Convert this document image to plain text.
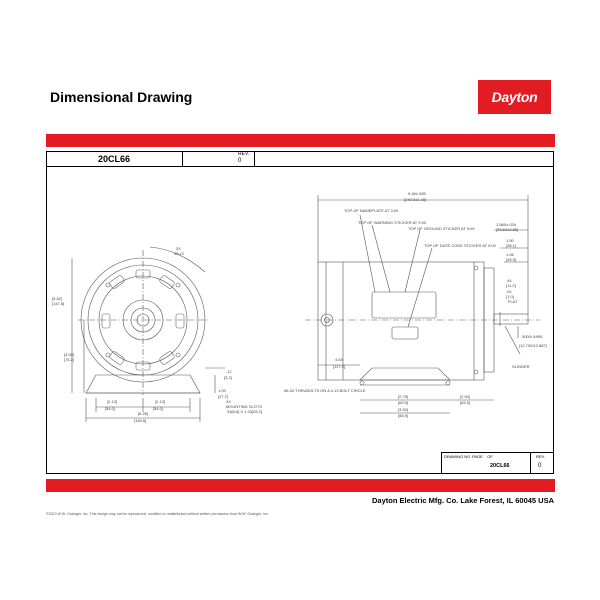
Dimensional Drawing	Dayton
20CL66	REV.
0
3X
45 ±2
[5.82]
[147.8]
[3.00]
[76.2]
[2.13]
[54.0]
[2.13]
[54.0]
[6.28]
[159.6]
.12
[3.2]
1.09
[27.7]
4X
MOUNTING SLOTS
.34[8.6] X 1.03[26.2]
9.46±.055
[240.3±1.40]
TOP OF NAMEPLATE AT 3:00
TOP OF WARNING STICKER AT 9:00
TOP OF GROUND STICKER AT 9:00
TOP OF DATE CODE STICKER AT 9:00
1.560±.034
[39.63±0.86]
1.50
[38.1]
1.06
[26.9]
.44
[11.2]
.04
[1.0]
FLAT
.5000/.4995
[12.700/12.687]
SLINGER
4.64
[117.9]
#8-32 THRUBOLTS ON A 4.13 BOLT CIRCLE
[2.75]
[69.9]
[3.50]
[88.9]
[2.50]
[63.5]
DRAWING NO. PAGE OF
20CL66
REV.
0
Dayton Electric Mfg. Co. Lake Forest, IL 60045 USA
©2013 W.W. Grainger, Inc. This design may not be reproduced, modified or redistributed without written permission from W.W. Grainger, Inc.
